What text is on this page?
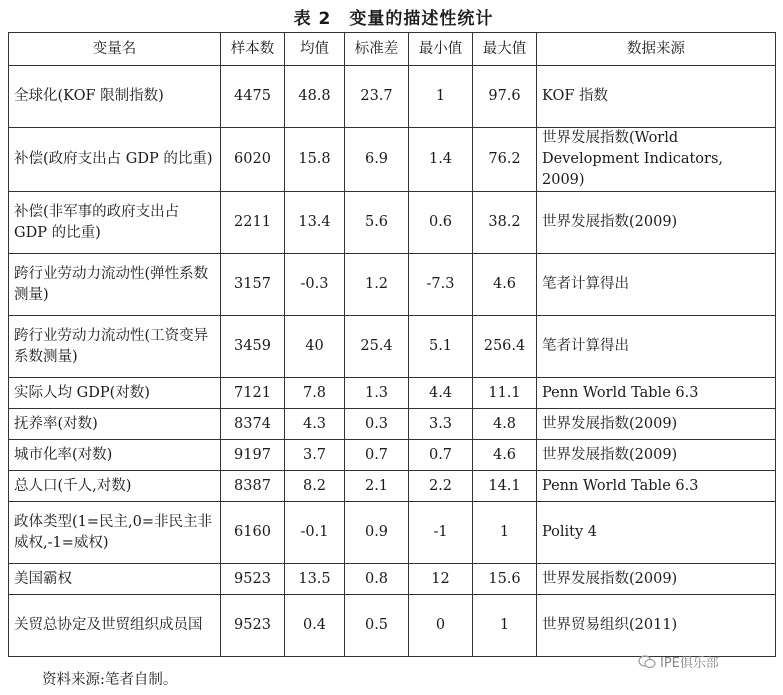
表 2 变量的描述性统计
变量名	样本数	均值	标准差	最小值	最大值	数据来源
全球化(KOF 限制指数)	4475	48.8	23.7	1	97.6	KOF 指数
补偿(政府支出占 GDP 的比重)	6020	15.8	6.9	1.4	76.2	世界发展指数(World Development Indicators, 2009)
补偿(非军事的政府支出占 GDP 的比重)	2211	13.4	5.6	0.6	38.2	世界发展指数(2009)
跨行业劳动力流动性(弹性系数测量)	3157	-0.3	1.2	-7.3	4.6	笔者计算得出
跨行业劳动力流动性(工资变异系数测量)	3459	40	25.4	5.1	256.4	笔者计算得出
实际人均 GDP(对数)	7121	7.8	1.3	4.4	11.1	Penn World Table 6.3
抚养率(对数)	8374	4.3	0.3	3.3	4.8	世界发展指数(2009)
城市化率(对数)	9197	3.7	0.7	0.7	4.6	世界发展指数(2009)
总人口(千人,对数)	8387	8.2	2.1	2.2	14.1	Penn World Table 6.3
政体类型(1=民主,0=非民主非威权,-1=威权)	6160	-0.1	0.9	-1	1	Polity 4
美国霸权	9523	13.5	0.8	12	15.6	世界发展指数(2009)
关贸总协定及世贸组织成员国	9523	0.4	0.5	0	1	世界贸易组织(2011)
资料来源:笔者自制。
IPE俱乐部
